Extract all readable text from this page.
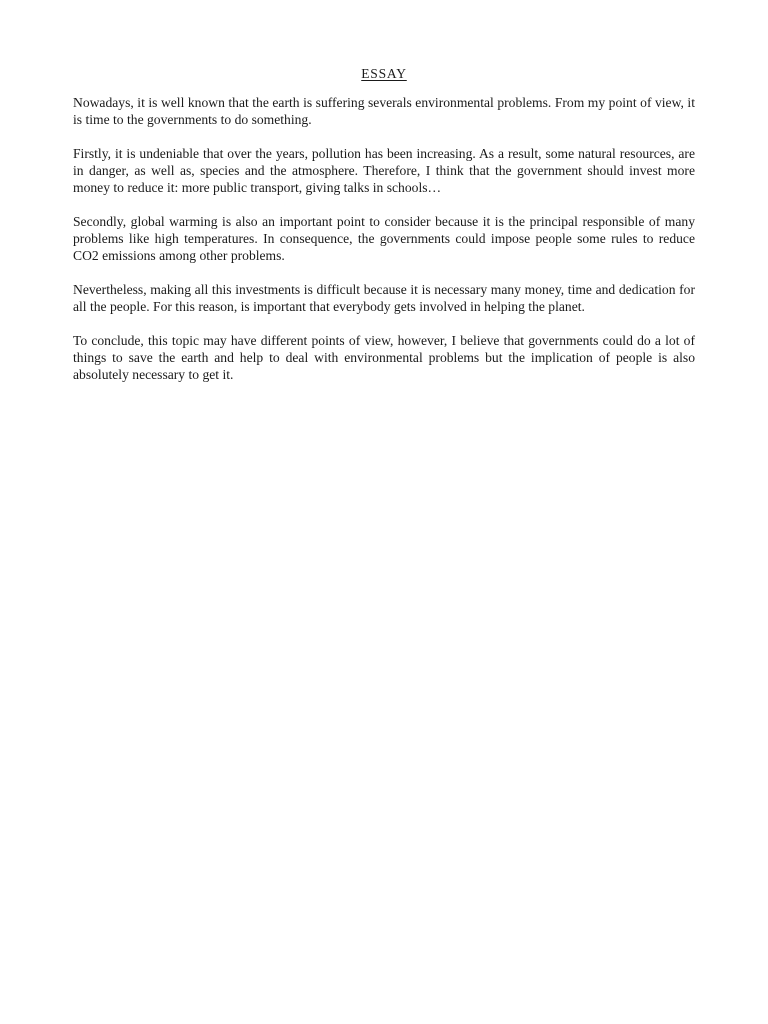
ESSAY

Nowadays, it is well known that the earth is suffering severals environmental problems. From my point of view, it is time to the governments to do something.

Firstly, it is undeniable that over the years, pollution has been increasing. As a result, some natural resources, are in danger, as well as, species and the atmosphere. Therefore, I think that the government should invest more money to reduce it: more public transport, giving talks in schools…

Secondly, global warming is also an important point to consider because it is the principal responsible of many problems like high temperatures. In consequence, the governments could impose people some rules to reduce CO2 emissions among other problems.

Nevertheless, making all this investments is difficult because it is necessary many money, time and dedication for all the people. For this reason, is important that everybody gets involved in helping the planet.

To conclude, this topic may have different points of view, however, I believe that governments could do a lot of things to save the earth and help to deal with environmental problems but the implication of people is also absolutely necessary to get it.
